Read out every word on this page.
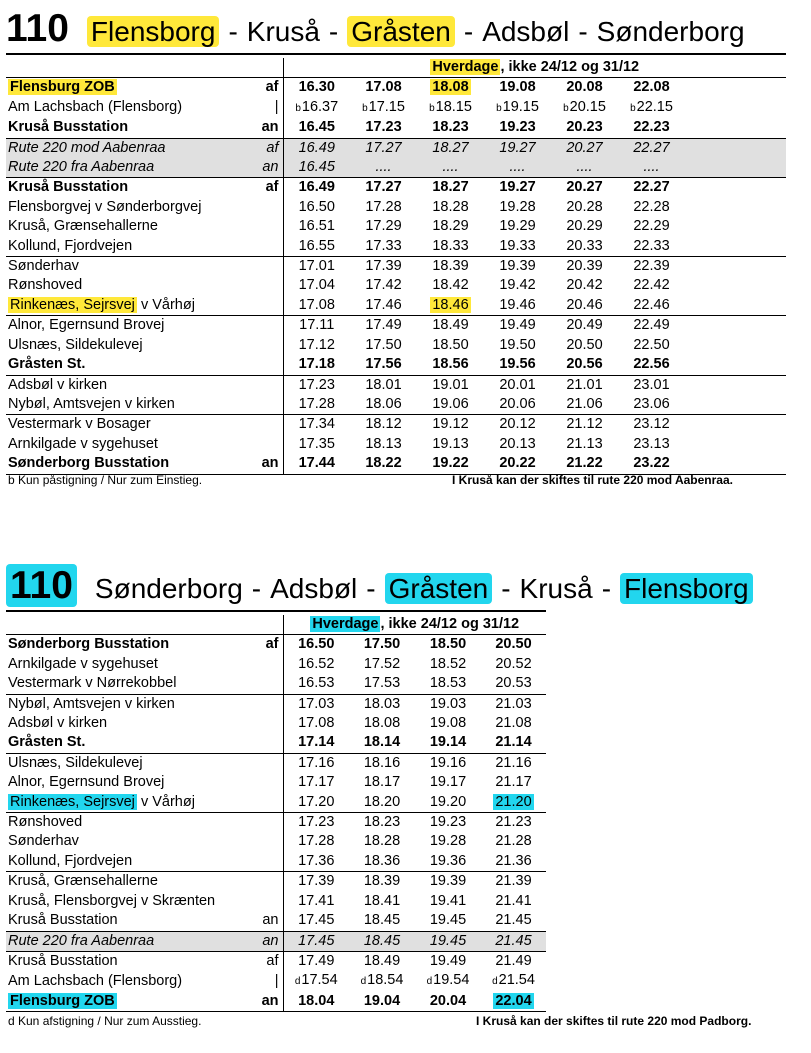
110 Flensborg - Kruså - Gråsten - Adsbøl - Sønderborg
		Hverdage , ikke 24/12 og 31/12						
Flensburg ZOB	af	16.30	17.08	18.08	19.08	20.08	22.08	
Am Lachsbach (Flensborg)	|	b16.37	b17.15	b18.15	b19.15	b20.15	b22.15	
Kruså Busstation	an	16.45	17.23	18.23	19.23	20.23	22.23	
Rute 220 mod Aabenraa	af	16.49	17.27	18.27	19.27	20.27	22.27	
Rute 220 fra Aabenraa	an	16.45	....	....	....	....	....	
Kruså Busstation	af	16.49	17.27	18.27	19.27	20.27	22.27	
Flensborgvej v Sønderborgvej		16.50	17.28	18.28	19.28	20.28	22.28	
Kruså, Grænsehallerne		16.51	17.29	18.29	19.29	20.29	22.29	
Kollund, Fjordvejen		16.55	17.33	18.33	19.33	20.33	22.33	
Sønderhav		17.01	17.39	18.39	19.39	20.39	22.39	
Rønshoved		17.04	17.42	18.42	19.42	20.42	22.42	
Rinkenæs, Sejrsvej v Vårhøj		17.08	17.46	18.46	19.46	20.46	22.46	
Alnor, Egernsund Brovej		17.11	17.49	18.49	19.49	20.49	22.49	
Ulsnæs, Sildekulevej		17.12	17.50	18.50	19.50	20.50	22.50	
Gråsten St.		17.18	17.56	18.56	19.56	20.56	22.56	
Adsbøl v kirken		17.23	18.01	19.01	20.01	21.01	23.01	
Nybøl, Amtsvejen v kirken		17.28	18.06	19.06	20.06	21.06	23.06	
Vestermark v Bosager		17.34	18.12	19.12	20.12	21.12	23.12	
Arnkilgade v sygehuset		17.35	18.13	19.13	20.13	21.13	23.13	
Sønderborg Busstation	an	17.44	18.22	19.22	20.22	21.22	23.22	
b Kun påstigning / Nur zum Einstieg.	I Kruså kan der skiftes til rute 220 mod Aabenraa.
110 Sønderborg - Adsbøl - Gråsten - Kruså - Flensborg
		Hverdage , ikke 24/12 og 31/12			
Sønderborg Busstation	af	16.50	17.50	18.50	20.50
Arnkilgade v sygehuset		16.52	17.52	18.52	20.52
Vestermark v Nørrekobbel		16.53	17.53	18.53	20.53
Nybøl, Amtsvejen v kirken		17.03	18.03	19.03	21.03
Adsbøl v kirken		17.08	18.08	19.08	21.08
Gråsten St.		17.14	18.14	19.14	21.14
Ulsnæs, Sildekulevej		17.16	18.16	19.16	21.16
Alnor, Egernsund Brovej		17.17	18.17	19.17	21.17
Rinkenæs, Sejrsvej v Vårhøj		17.20	18.20	19.20	21.20
Rønshoved		17.23	18.23	19.23	21.23
Sønderhav		17.28	18.28	19.28	21.28
Kollund, Fjordvejen		17.36	18.36	19.36	21.36
Kruså, Grænsehallerne		17.39	18.39	19.39	21.39
Kruså, Flensborgvej v Skrænten		17.41	18.41	19.41	21.41
Kruså Busstation	an	17.45	18.45	19.45	21.45
Rute 220 fra Aabenraa	an	17.45	18.45	19.45	21.45
Kruså Busstation	af	17.49	18.49	19.49	21.49
Am Lachsbach (Flensborg)	|	d17.54	d18.54	d19.54	d21.54
Flensburg ZOB	an	18.04	19.04	20.04	22.04
d Kun afstigning / Nur zum Ausstieg.	I Kruså kan der skiftes til rute 220 mod Padborg.
